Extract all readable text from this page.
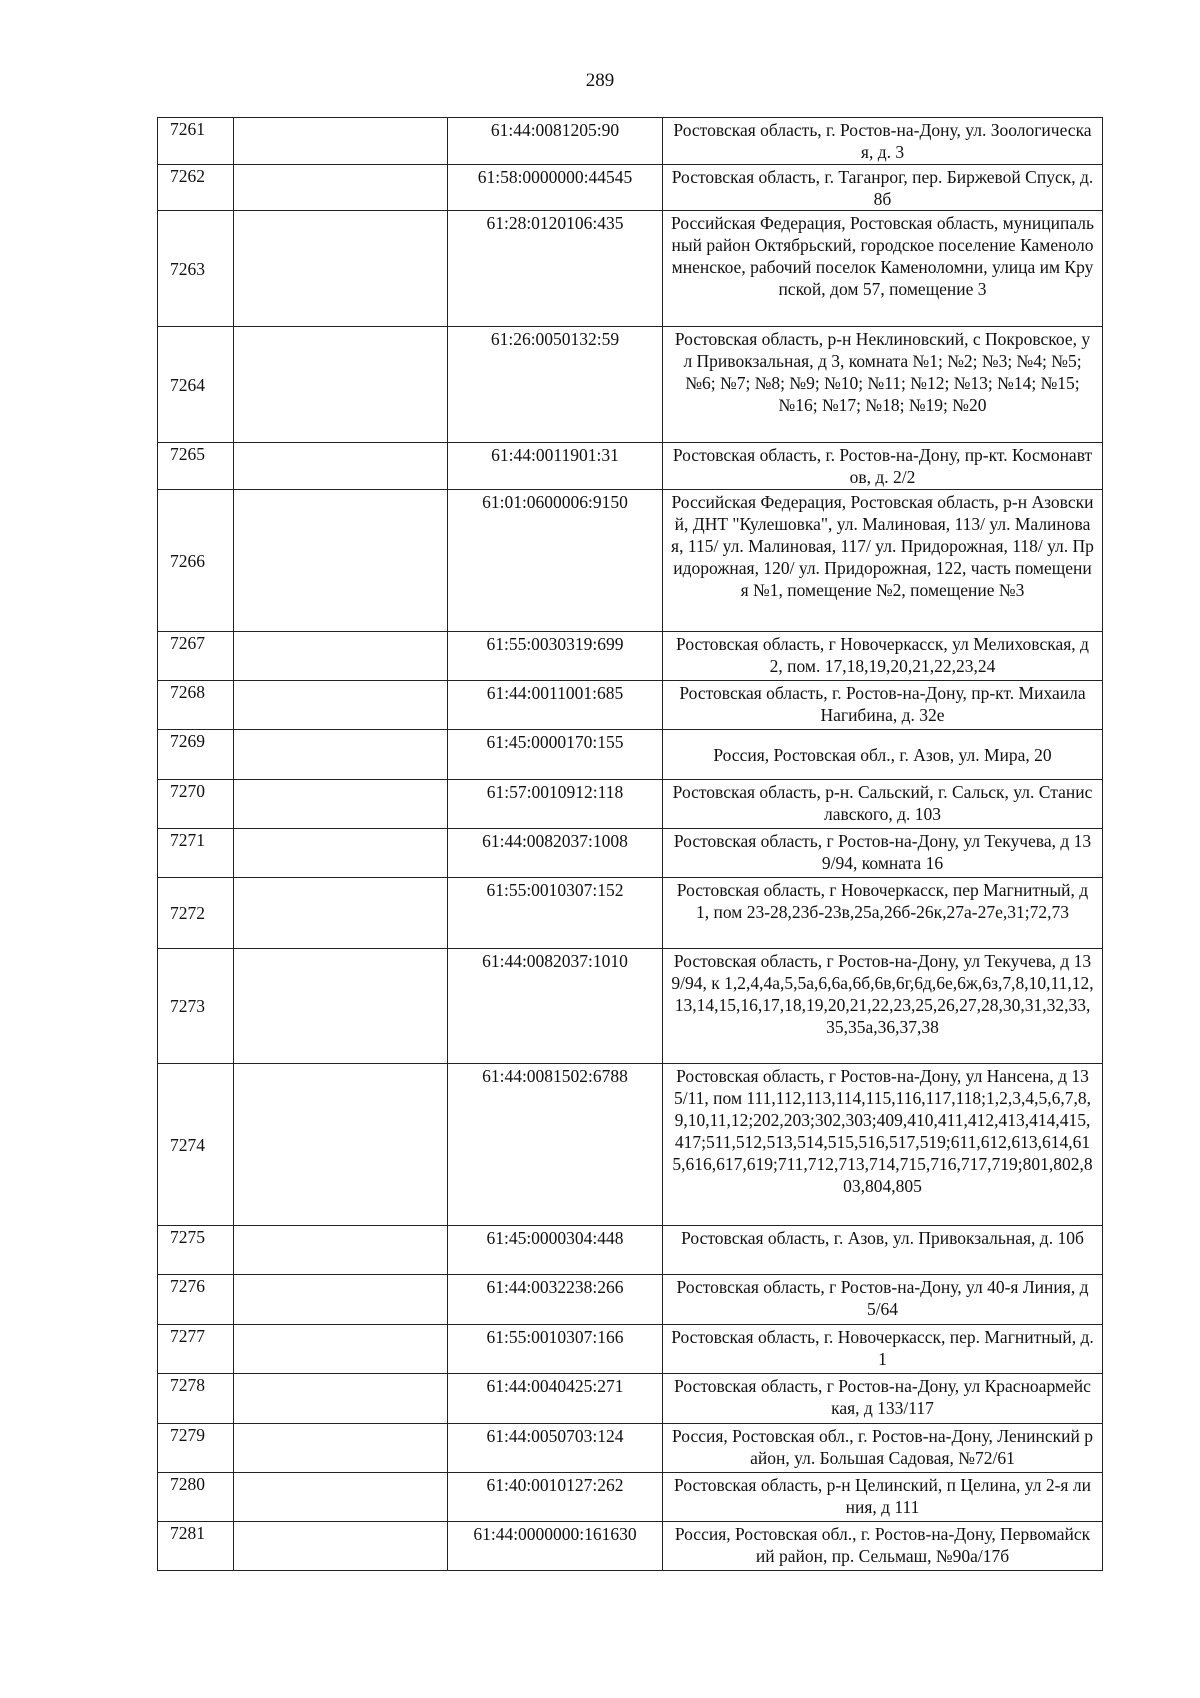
289
7261		61:44:0081205:90	Ростовская область, г. Ростов-на-Дону, ул. Зоологическая, д. 3
7262		61:58:0000000:44545	Ростовская область, г. Таганрог, пер. Биржевой Спуск, д. 8б
7263		61:28:0120106:435	Российская Федерация, Ростовская область, муниципальный район Октябрьский, городское поселение Каменоломненское, рабочий поселок Каменоломни, улица им Крупской, дом 57, помещение 3
7264		61:26:0050132:59	Ростовская область, р-н Неклиновский, с Покровское, ул Привокзальная, д 3, комната №1; №2; №3; №4; №5; №6; №7; №8; №9; №10; №11; №12; №13; №14; №15; №16; №17; №18; №19; №20
7265		61:44:0011901:31	Ростовская область, г. Ростов-на-Дону, пр-кт. Космонавтов, д. 2/2
7266		61:01:0600006:9150	Российская Федерация, Ростовская область, р-н Азовский, ДНТ "Кулешовка", ул. Малиновая, 113/ ул. Малиновая, 115/ ул. Малиновая, 117/ ул. Придорожная, 118/ ул. Придорожная, 120/ ул. Придорожная, 122, часть помещения №1, помещение №2, помещение №3
7267		61:55:0030319:699	Ростовская область, г Новочеркасск, ул Мелиховская, д 2, пом. 17,18,19,20,21,22,23,24
7268		61:44:0011001:685	Ростовская область, г. Ростов-на-Дону, пр-кт. Михаила Нагибина, д. 32е
7269		61:45:0000170:155	Россия, Ростовская обл., г. Азов, ул. Мира, 20
7270		61:57:0010912:118	Ростовская область, р-н. Сальский, г. Сальск, ул. Станиславского, д. 103
7271		61:44:0082037:1008	Ростовская область, г Ростов-на-Дону, ул Текучева, д 139/94, комната 16
7272		61:55:0010307:152	Ростовская область, г Новочеркасск, пер Магнитный, д 1, пом 23-28,23б-23в,25а,26б-26к,27а-27е,31;72,73
7273		61:44:0082037:1010	Ростовская область, г Ростов-на-Дону, ул Текучева, д 139/94, к 1,2,4,4а,5,5а,6,6а,6б,6в,6г,6д,6е,6ж,6з,7,8,10,11,12,13,14,15,16,17,18,19,20,21,22,23,25,26,27,28,30,31,32,33,35,35а,36,37,38
7274		61:44:0081502:6788	Ростовская область, г Ростов-на-Дону, ул Нансена, д 135/11, пом 111,112,113,114,115,116,117,118;1,2,3,4,5,6,7,8,9,10,11,12;202,203;302,303;409,410,411,412,413,414,415,417;511,512,513,514,515,516,517,519;611,612,613,614,615,616,617,619;711,712,713,714,715,716,717,719;801,802,803,804,805
7275		61:45:0000304:448	Ростовская область, г. Азов, ул. Привокзальная, д. 10б
7276		61:44:0032238:266	Ростовская область, г Ростов-на-Дону, ул 40-я Линия, д 5/64
7277		61:55:0010307:166	Ростовская область, г. Новочеркасск, пер. Магнитный, д. 1
7278		61:44:0040425:271	Ростовская область, г Ростов-на-Дону, ул Красноармейская, д 133/117
7279		61:44:0050703:124	Россия, Ростовская обл., г. Ростов-на-Дону, Ленинский район, ул. Большая Садовая, №72/61
7280		61:40:0010127:262	Ростовская область, р-н Целинский, п Целина, ул 2-я линия, д 111
7281		61:44:0000000:161630	Россия, Ростовская обл., г. Ростов-на-Дону, Первомайский район, пр. Сельмаш, №90а/17б
